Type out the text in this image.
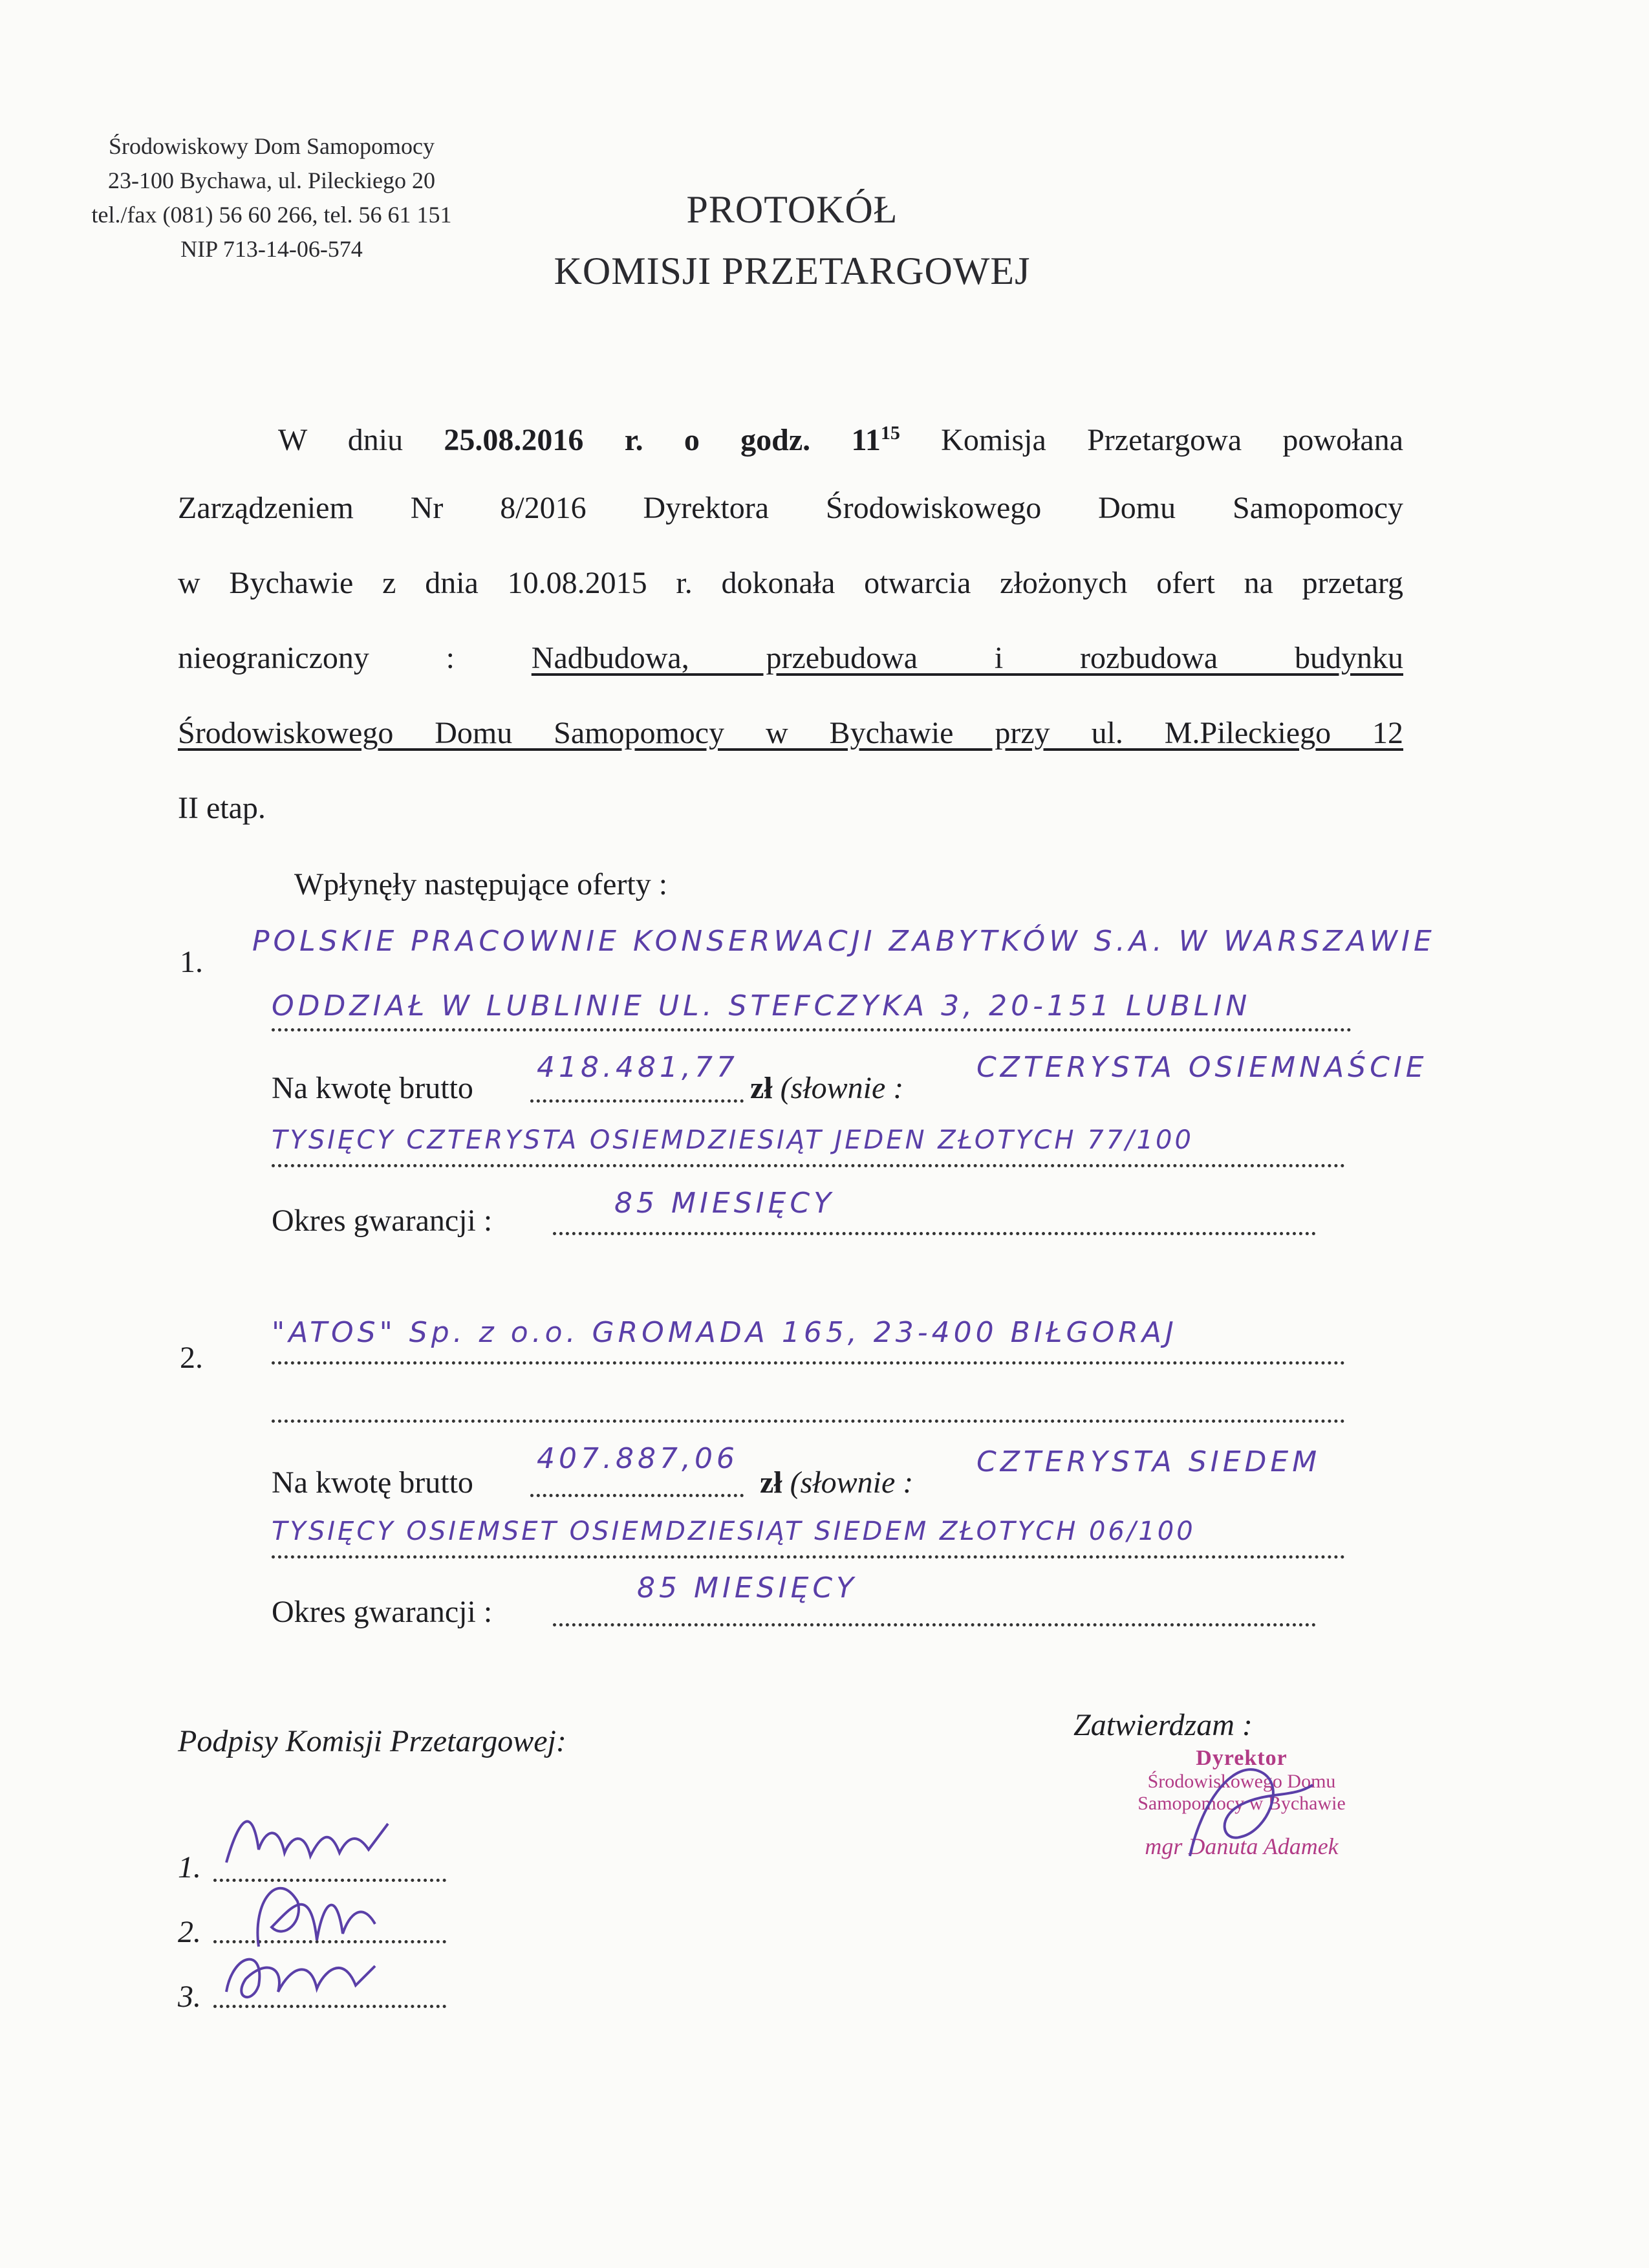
Środowiskowy Dom Samopomocy
23-100 Bychawa, ul. Pileckiego 20
tel./fax (081) 56 60 266, tel. 56 61 151
NIP 713-14-06-574
PROTOKÓŁ
KOMISJI PRZETARGOWEJ
W dniu 25.08.2016 r. o godz. $11^{15}$ Komisja Przetargowa powołana
Zarządzeniem Nr 8/2016 Dyrektora Środowiskowego Domu Samopomocy
w Bychawie z dnia 10.08.2015 r. dokonała otwarcia złożonych ofert na przetarg
nieograniczony : Nadbudowa, przebudowa i rozbudowa budynku
Środowiskowego Domu Samopomocy w Bychawie przy ul. M.Pileckiego 12
II etap.
Wpłynęły następujące oferty :
1.
POLSKIE PRACOWNIE KONSERWACJI ZABYTKÓW S.A. W WARSZAWIE
ODDZIAŁ W LUBLINIE UL. STEFCZYKA 3, 20-151 LUBLIN
Na kwotę brutto
418.481,77
zł (słownie :
CZTERYSTA OSIEMNAŚCIE
TYSIĘCY CZTERYSTA OSIEMDZIESIĄT JEDEN ZŁOTYCH 77/100
Okres gwarancji :
85 MIESIĘCY
2.
"ATOS" Sp. z o.o. GROMADA 165, 23-400 BIŁGORAJ
Na kwotę brutto
407.887,06
zł (słownie :
CZTERYSTA SIEDEM
TYSIĘCY OSIEMSET OSIEMDZIESIĄT SIEDEM ZŁOTYCH 06/100
Okres gwarancji :
85 MIESIĘCY
Podpisy Komisji Przetargowej:
1.
2.
3.
Zatwierdzam :
Dyrektor
Środowiskowego Domu
Samopomocy w Bychawie
mgr Danuta Adamek
